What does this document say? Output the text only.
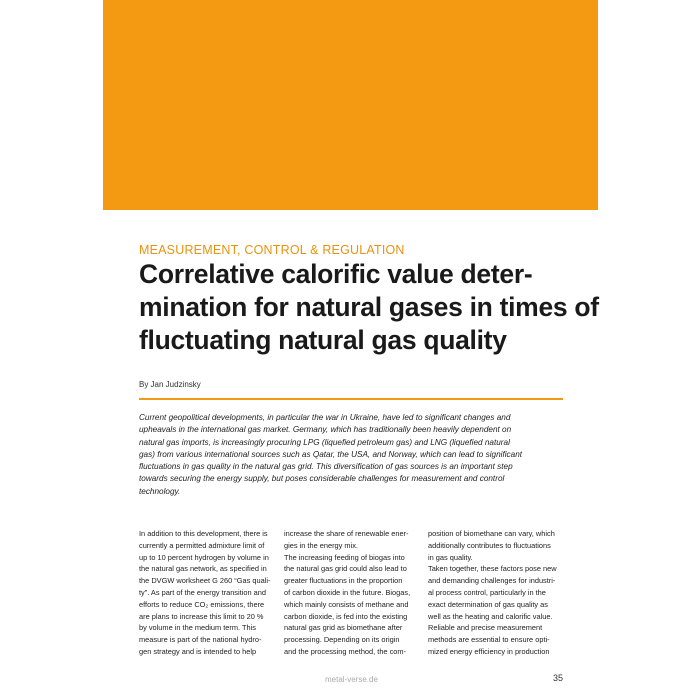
MEASUREMENT, CONTROL & REGULATION
Correlative calorific value deter-
mination for natural gases in times of
fluctuating natural gas quality
By Jan Judzinsky
Current geopolitical developments, in particular the war in Ukraine, have led to significant changes and
upheavals in the international gas market. Germany, which has traditionally been heavily dependent on
natural gas imports, is increasingly procuring LPG (liquefied petroleum gas) and LNG (liquefied natural
gas) from various international sources such as Qatar, the USA, and Norway, which can lead to significant
fluctuations in gas quality in the natural gas grid. This diversification of gas sources is an important step
towards securing the energy supply, but poses considerable challenges for measurement and control
technology.
In addition to this development, there is
currently a permitted admixture limit of
up to 10 percent hydrogen by volume in
the natural gas network, as specified in
the DVGW worksheet G 260 “Gas quali-
ty”. As part of the energy transition and
efforts to reduce CO₂ emissions, there
are plans to increase this limit to 20 %
by volume in the medium term. This
measure is part of the national hydro-
gen strategy and is intended to help
increase the share of renewable ener-
gies in the energy mix.
The increasing feeding of biogas into
the natural gas grid could also lead to
greater fluctuations in the proportion
of carbon dioxide in the future. Biogas,
which mainly consists of methane and
carbon dioxide, is fed into the existing
natural gas grid as biomethane after
processing. Depending on its origin
and the processing method, the com-
position of biomethane can vary, which
additionally contributes to fluctuations
in gas quality.
Taken together, these factors pose new
and demanding challenges for industri-
al process control, particularly in the
exact determination of gas quality as
well as the heating and calorific value.
Reliable and precise measurement
methods are essential to ensure opti-
mized energy efficiency in production
metal-verse.de	35
